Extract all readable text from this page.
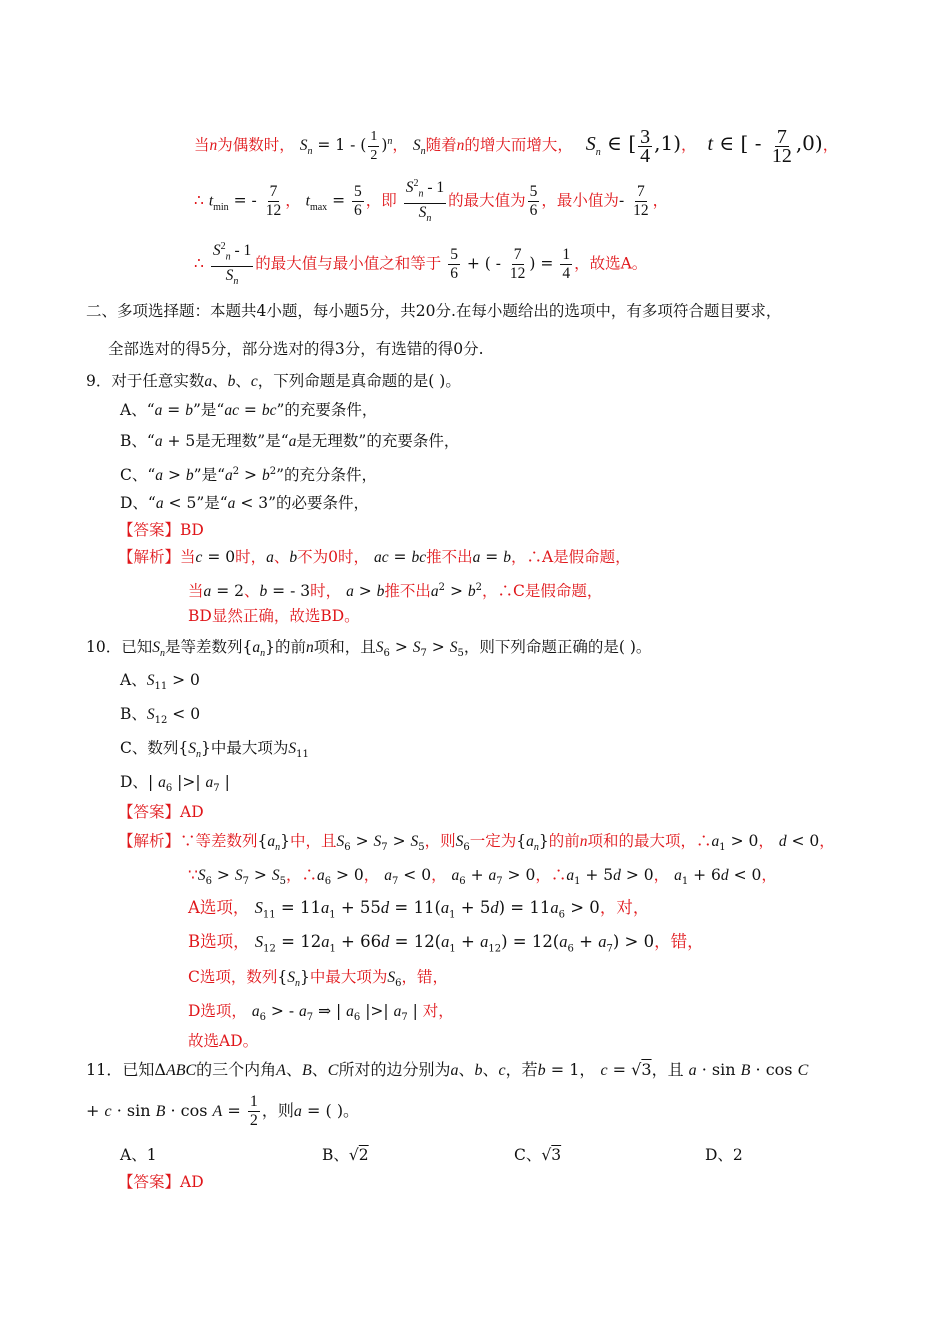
当n为偶数时， $S_n = 1$ - ( $\frac{1}{2} )^n$， $S_n$随着n的增大而增大， $S_n$ ∈ [ $\frac{3}{4} ,1$)， t ∈ [ - $\frac{7}{12} ,0$)，
∴ $t_{min}$ = - $\frac{7}{12}$ ， $t_{max} = \frac{5}{6}$ ，即 $\frac{S^2_n - 1}{S_n}$ 的最大值为 $\frac{5}{6}$ ，最小值为- $\frac{7}{12}$ ，
∴ $\frac{S^2_n - 1}{S_n}$ 的最大值与最小值之和等于 $\frac{5}{6}$ + ( - $\frac{7}{12}$ ) = $\frac{1}{4}$ ，故选A。
二、多项选择题：本题共4小题，每小题5分，共20分.在每小题给出的选项中，有多项符合题目要求，
全部选对的得5分，部分选对的得3分，有选错的得0分.
9．对于任意实数a、b、c，下列命题是真命题的是( )。
A、“a = b”是“ac = bc”的充要条件，
B、“a + 5是无理数”是“a是无理数”的充要条件，
C、“a > b”是“$a^2 > b^2$”的充分条件，
D、“a < 5”是“a < 3”的必要条件，
【答案】BD
【解析】当c = 0时，a、b不为0时， ac = bc推不出a = b，∴A是假命题，
当a = 2、b = - 3时， a > b推不出$a^2 > b^2$，∴C是假命题，
BD显然正确，故选BD。
10．已知$S_n$是等差数列$\{a_n\}$的前n项和，且$S_6 > S_7 > S_5$，则下列命题正确的是( )。
A、$S_{11} > 0$
B、$S_{12} < 0$
C、数列$\{S_n\}$中最大项为$S_{11}$
D、| $a_6$ |>| $a_7$ |
【答案】AD
【解析】∵等差数列$\{a_n\}$中，且$S_6 > S_7 > S_5$，则$S_6$一定为$\{a_n\}$的前n项和的最大项，$\therefore a_1 > 0$， d < 0，
$\because S_6 > S_7 > S_5$，$\therefore a_6 > 0$， $a_7 < 0$， $a_6 + a_7 > 0$，$\therefore a_1 + 5d > 0$， $a_1 + 6d < 0$，
A选项， $S_{11} = 11a_1 + 55d = 11(a_1 + 5d) = 11a_6 > 0$，对，
B选项， $S_{12} = 12a_1 + 66d = 12(a_1 + a_{12}) = 12(a_6 + a_7) > 0$，错，
C选项，数列$\{S_n\}$中最大项为$S_6$，错，
D选项， $a_6$ > - $a_7$ ⇒ | $a_6$ |>| $a_7$ | 对，
故选AD。
11．已知ΔABC的三个内角A、B、C所对的边分别为a、b、c，若b = 1， c = √3，且 a · sin B · cos C
+ $c \cdot \sin B \cdot \cos A = \frac{1}{2}$ ，则a = ( )。
A、1	B、√2	C、√3	D、2
【答案】AD
